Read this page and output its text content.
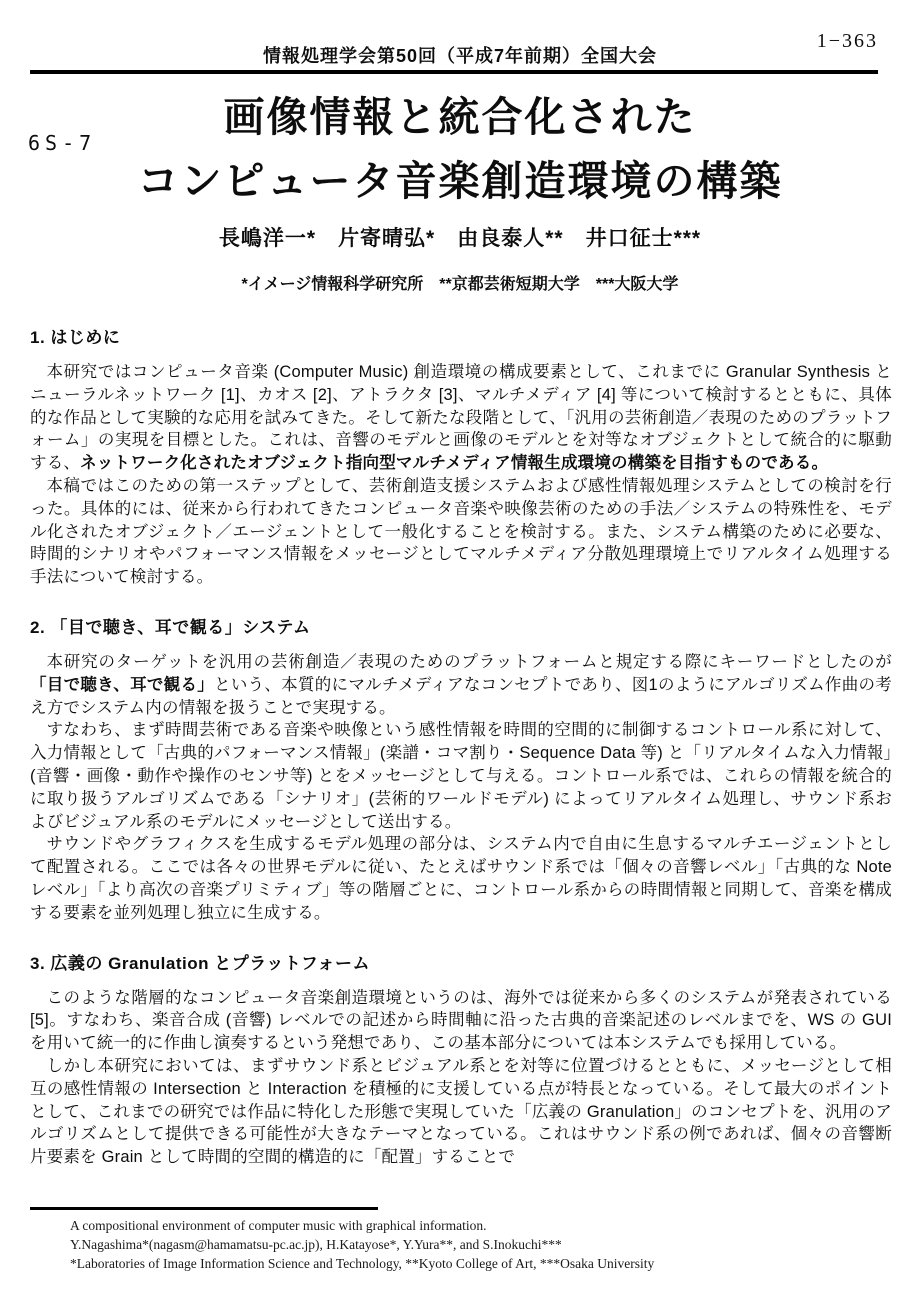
情報処理学会第50回（平成7年前期）全国大会
1−363
6S-7
画像情報と統合化された
コンピュータ音楽創造環境の構築
長嶋洋一*　片寄晴弘*　由良泰人**　井口征士***
*イメージ情報科学研究所　**京都芸術短期大学　***大阪大学
1. はじめに

本研究ではコンピュータ音楽 (Computer Music) 創造環境の構成要素として、これまでに Granular Synthesis とニューラルネットワーク [1]、カオス [2]、アトラクタ [3]、マルチメディア [4] 等について検討するとともに、具体的な作品として実験的な応用を試みてきた。そして新たな段階として、「汎用の芸術創造／表現のためのプラットフォーム」の実現を目標とした。これは、音響のモデルと画像のモデルとを対等なオブジェクトとして統合的に駆動する、ネットワーク化されたオブジェクト指向型マルチメディア情報生成環境の構築を目指すものである。

本稿ではこのための第一ステップとして、芸術創造支援システムおよび感性情報処理システムとしての検討を行った。具体的には、従来から行われてきたコンピュータ音楽や映像芸術のための手法／システムの特殊性を、モデル化されたオブジェクト／エージェントとして一般化することを検討する。また、システム構築のために必要な、時間的シナリオやパフォーマンス情報をメッセージとしてマルチメディア分散処理環境上でリアルタイム処理する手法について検討する。

2. 「目で聴き、耳で観る」システム

本研究のターゲットを汎用の芸術創造／表現のためのプラットフォームと規定する際にキーワードとしたのが「目で聴き、耳で観る」という、本質的にマルチメディアなコンセプトであり、図1のようにアルゴリズム作曲の考え方でシステム内の情報を扱うことで実現する。

すなわち、まず時間芸術である音楽や映像という感性情報を時間的空間的に制御するコントロール系に対して、入力情報として「古典的パフォーマンス情報」(楽譜・コマ割り・Sequence Data 等) と「リアルタイムな入力情報」(音響・画像・動作や操作のセンサ等) とをメッセージとして与える。コントロール系では、これらの情報を統合的に取り扱うアルゴリズムである「シナリオ」(芸術的ワールドモデル) によってリアルタイム処理し、サウンド系およびビジュアル系のモデルにメッセージとして送出する。

サウンドやグラフィクスを生成するモデル処理の部分は、システム内で自由に生息するマルチエージェントとして配置される。ここでは各々の世界モデルに従い、たとえばサウンド系では「個々の音響レベル」「古典的な Note レベル」「より高次の音楽プリミティブ」等の階層ごとに、コントロール系からの時間情報と同期して、音楽を構成する要素を並列処理し独立に生成する。

3. 広義の Granulation とプラットフォーム

このような階層的なコンピュータ音楽創造環境というのは、海外では従来から多くのシステムが発表されている [5]。すなわち、楽音合成 (音響) レベルでの記述から時間軸に沿った古典的音楽記述のレベルまでを、WS の GUI を用いて統一的に作曲し演奏するという発想であり、この基本部分については本システムでも採用している。

しかし本研究においては、まずサウンド系とビジュアル系とを対等に位置づけるとともに、メッセージとして相互の感性情報の Intersection と Interaction を積極的に支援している点が特長となっている。そして最大のポイントとして、これまでの研究では作品に特化した形態で実現していた「広義の Granulation」のコンセプトを、汎用のアルゴリズムとして提供できる可能性が大きなテーマとなっている。これはサウンド系の例であれば、個々の音響断片要素を Grain として時間的空間的構造的に「配置」することで

A compositional environment of computer music with graphical information.
Y.Nagashima*(nagasm@hamamatsu-pc.ac.jp), H.Katayose*, Y.Yura**, and S.Inokuchi***
*Laboratories of Image Information Science and Technology, **Kyoto College of Art, ***Osaka University
